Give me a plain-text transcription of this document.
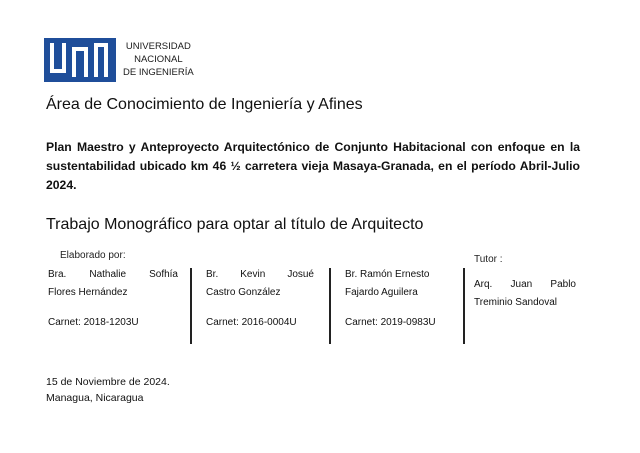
UNIVERSIDAD
NACIONAL
DE INGENIERÍA
Área de Conocimiento de Ingeniería y Afines
Plan Maestro y Anteproyecto Arquitectónico de Conjunto Habitacional con enfoque en la sustentabilidad ubicado km 46 ½ carretera vieja Masaya-Granada, en el período Abril-Julio 2024.
Trabajo Monográfico para optar al título de Arquitecto
Elaborado por:	Tutor :
Bra. Nathalie Sofhía
Flores Hernández
Carnet: 2018-1203U
Br. Kevin Josué
Castro González
Carnet: 2016-0004U
Br. Ramón Ernesto
Fajardo Aguilera
Carnet: 2019-0983U
Arq. Juan Pablo
Treminio Sandoval
15 de Noviembre de 2024.
Managua, Nicaragua
